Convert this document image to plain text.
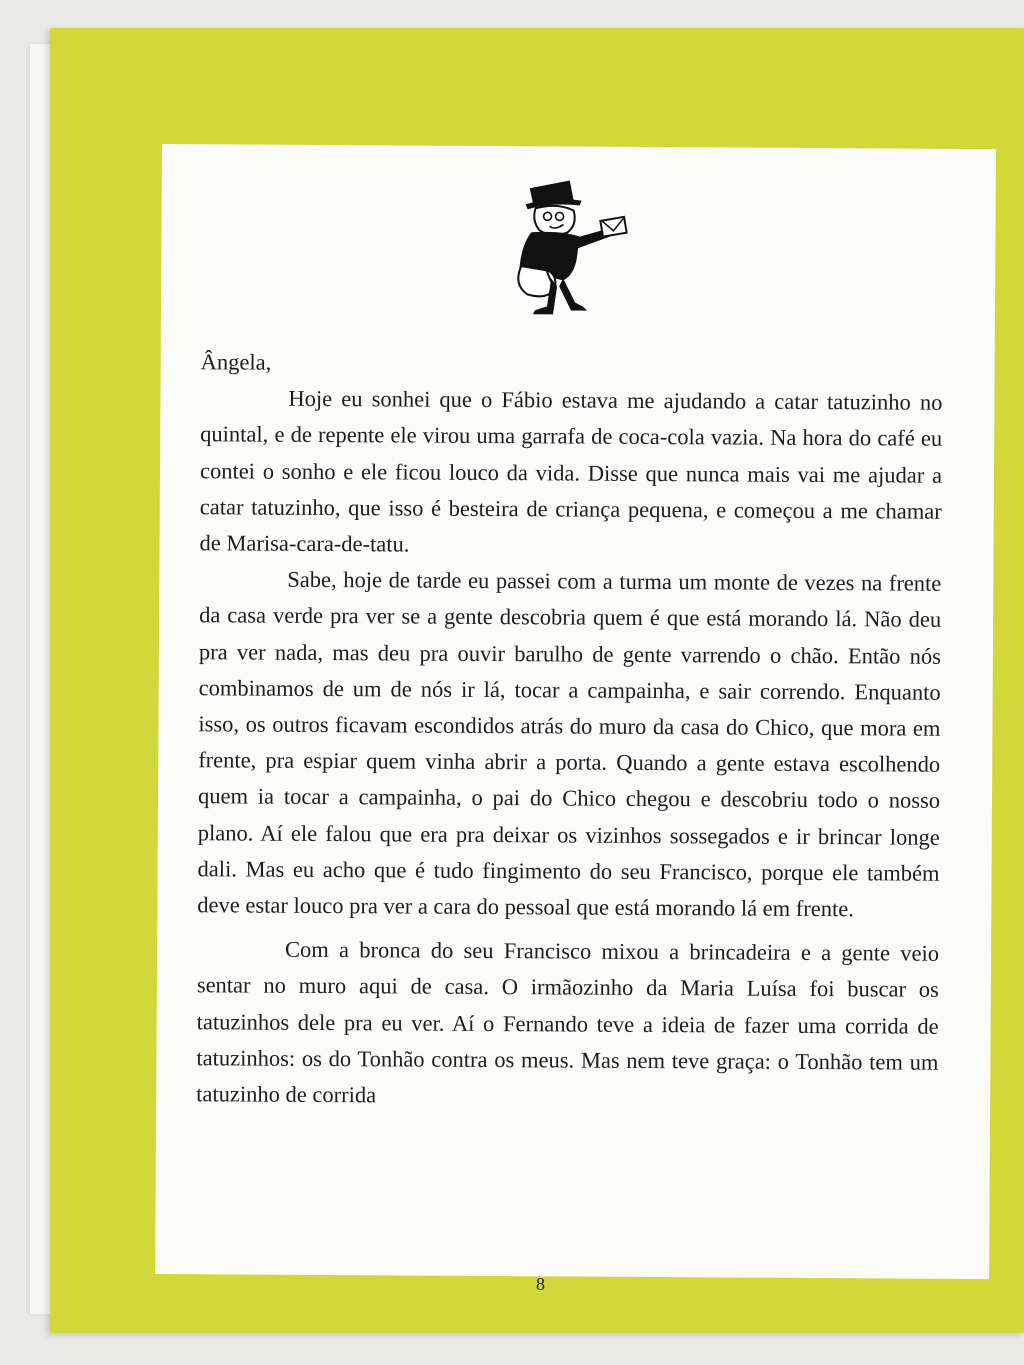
Ângela,

Hoje eu sonhei que o Fábio estava me ajudando a catar tatuzinho no quintal, e de repente ele virou uma garrafa de coca-cola vazia. Na hora do café eu contei o sonho e ele ficou louco da vida. Disse que nunca mais vai me ajudar a catar tatuzinho, que isso é besteira de criança pequena, e começou a me chamar de Marisa-cara-de-tatu.

Sabe, hoje de tarde eu passei com a turma um monte de vezes na frente da casa verde pra ver se a gente descobria quem é que está morando lá. Não deu pra ver nada, mas deu pra ouvir barulho de gente varrendo o chão. Então nós combinamos de um de nós ir lá, tocar a campainha, e sair correndo. Enquanto isso, os outros ficavam escondidos atrás do muro da casa do Chico, que mora em frente, pra espiar quem vinha abrir a porta. Quando a gente estava escolhendo quem ia tocar a campainha, o pai do Chico chegou e descobriu todo o nosso plano. Aí ele falou que era pra deixar os vizinhos sossegados e ir brincar longe dali. Mas eu acho que é tudo fingimento do seu Francisco, porque ele também deve estar louco pra ver a cara do pessoal que está morando lá em frente.

Com a bronca do seu Francisco mixou a brincadeira e a gente veio sentar no muro aqui de casa. O irmãozinho da Maria Luísa foi buscar os tatuzinhos dele pra eu ver. Aí o Fernando teve a ideia de fazer uma corrida de tatuzinhos: os do Tonhão contra os meus. Mas nem teve graça: o Tonhão tem um tatuzinho de corrida

8
